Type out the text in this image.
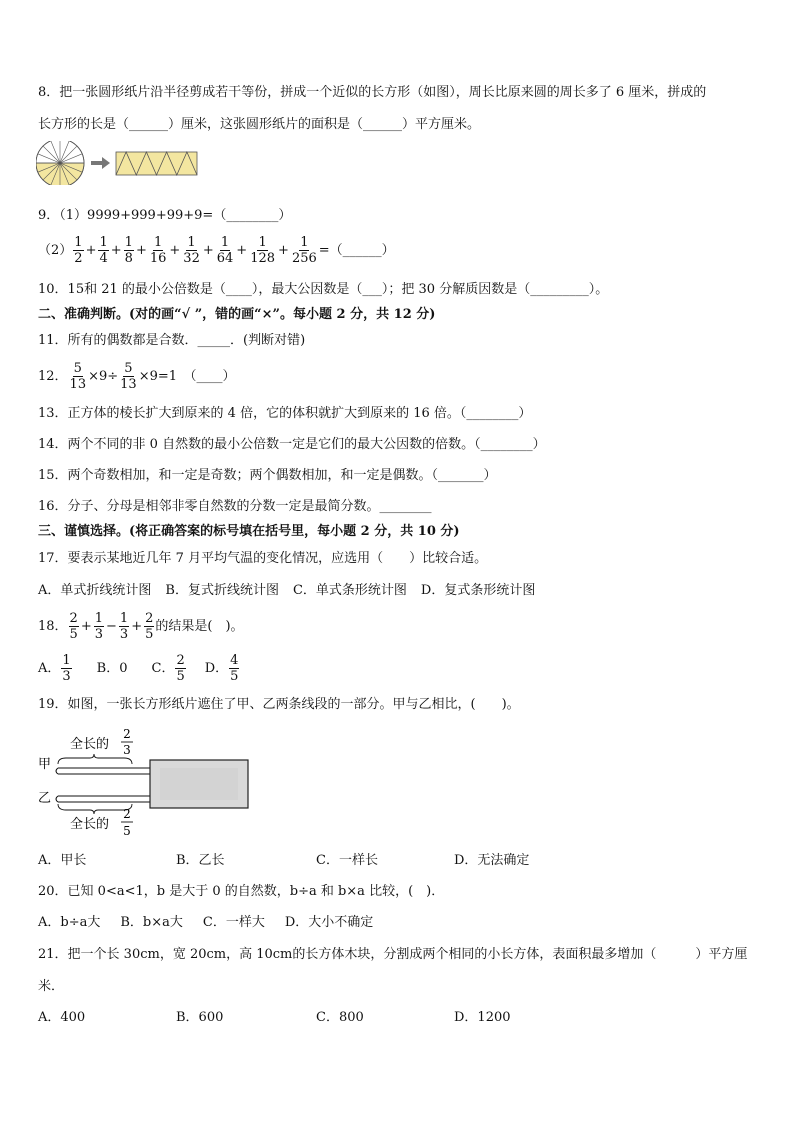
8．把一张圆形纸片沿半径剪成若干等份，拼成一个近似的长方形（如图），周长比原来圆的周长多了 6 厘米，拼成的
长方形的长是（______）厘米，这张圆形纸片的面积是（______）平方厘米。
9．（1）9999+999+99+9=（________）
$(2) \frac{1}{2} + \frac{1}{4} + \frac{1}{8} + \frac{1}{16} + \frac{1}{32} + \frac{1}{64} + \frac{1}{128} + \frac{1}{256}$ =（______）
10．15和 21 的最小公倍数是（____），最大公因数是（___）；把 30 分解质因数是（_________）。
二、准确判断。(对的画“√ ”，错的画“×”。每小题 2 分，共 12 分)
11．所有的偶数都是合数．_____．(判断对错)
12． $\frac{5}{13} \times 9\div \frac{5}{13} \times 9=1$　（____）
13．正方体的棱长扩大到原来的 4 倍，它的体积就扩大到原来的 16 倍。（________）
14．两个不同的非 0 自然数的最小公倍数一定是它们的最大公因数的倍数。（________）
15．两个奇数相加，和一定是奇数；两个偶数相加，和一定是偶数。（_______）
16．分子、分母是相邻非零自然数的分数一定是最简分数。________
三、谨慎选择。(将正确答案的标号填在括号里，每小题 2 分，共 10 分)
17．要表示某地近几年 7 月平均气温的变化情况，应选用（　　）比较合适。
A．单式折线统计图 B．复式折线统计图 C．单式条形统计图 D．复式条形统计图
18． $\frac{2}{5} + \frac{1}{3} - \frac{1}{3} + \frac{2}{5}$ 的结果是(　)。
A． $\frac{1}{3}$ B．0 C． $\frac{2}{5}$ D． $\frac{4}{5}$
19．如图，一张长方形纸片遮住了甲、乙两条线段的一部分。甲与乙相比，(　　)。
全长的
2
3
甲
乙
全长的
2
5
A．甲长	B．乙长	C．一样长	D．无法确定
20．已知 0<a<1，b 是大于 0 的自然数，b÷a 和 b×a 比较，(　)．
A．b÷a大 B．b×a大 C．一样大 D．大小不确定
21．把一个长 30cm，宽 20cm，高 10cm的长方体木块，分割成两个相同的小长方体，表面积最多增加（　　　）平方厘
米．
A．400	B．600	C．800	D．1200
